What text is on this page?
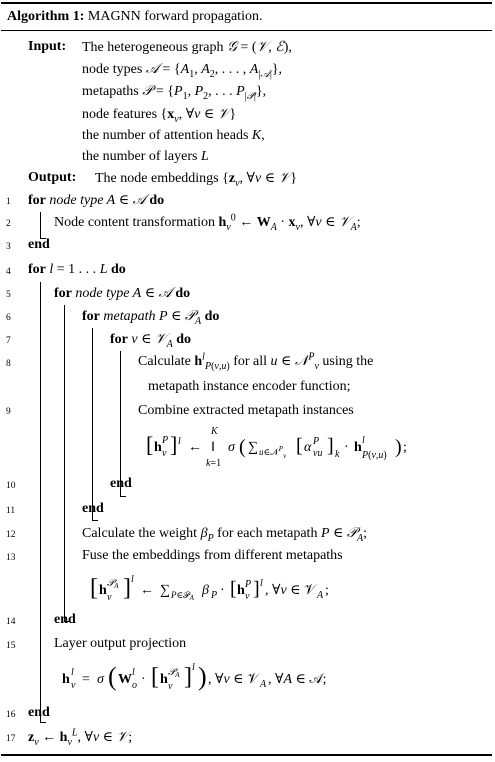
Algorithm 1: MAGNN forward propagation.
Input: The heterogeneous graph 𝒢 = (𝒱, ℰ),
node types 𝒜 = {$A_1$, $A_2$, . . . , $A_{|𝒜|}$},
metapaths 𝒫 = {$P_1$, $P_2$, . . . $P_{|𝒫|}$},
node features {$x_v$, ∀v ∈ 𝒱}
the number of attention heads K,
the number of layers L
Output: The node embeddings {$z_v$, ∀v ∈ 𝒱}
1
2
3
4
5
6
7
8
9
10
11
12
13
14
15
16
17
for node type A ∈ 𝒜 do
Node content transformation $h_v^0$ ← $W_A \cdot x_v$, ∀v ∈ 𝒱$_A$;
end
for l = 1 . . . L do
for node type A ∈ 𝒜 do
for metapath P ∈ 𝒫$_A$ do
for v ∈ 𝒱$_A$ do
Calculate $h^l_{P(v,u)}$ for all u ∈ 𝒩$^P_v$ using the
metapath instance encoder function;
Combine extracted metapath instances
[ h P
v ] l ←
K
‖
k=1
σ ( ∑ u∈𝒩$^P_v$ [ α P
vu ] k · h l
P(v,u) ) ;
end
end
Calculate the weight $\beta_P$ for each metapath P ∈ 𝒫$_A$;
Fuse the embeddings from different metapaths
[ h 𝒫$_A$
v ] l
← ∑ P∈𝒫$_A$ β P · [ h P
v ] l , ∀v ∈ 𝒱 A ;
end
Layer output projection
h l
v = σ ( W l
o · [ h 𝒫$_A$
v ] l ) , ∀v ∈ 𝒱 A , ∀A ∈ 𝒜;
end
$z_v$ ← $h_v^L$, ∀v ∈ 𝒱;
